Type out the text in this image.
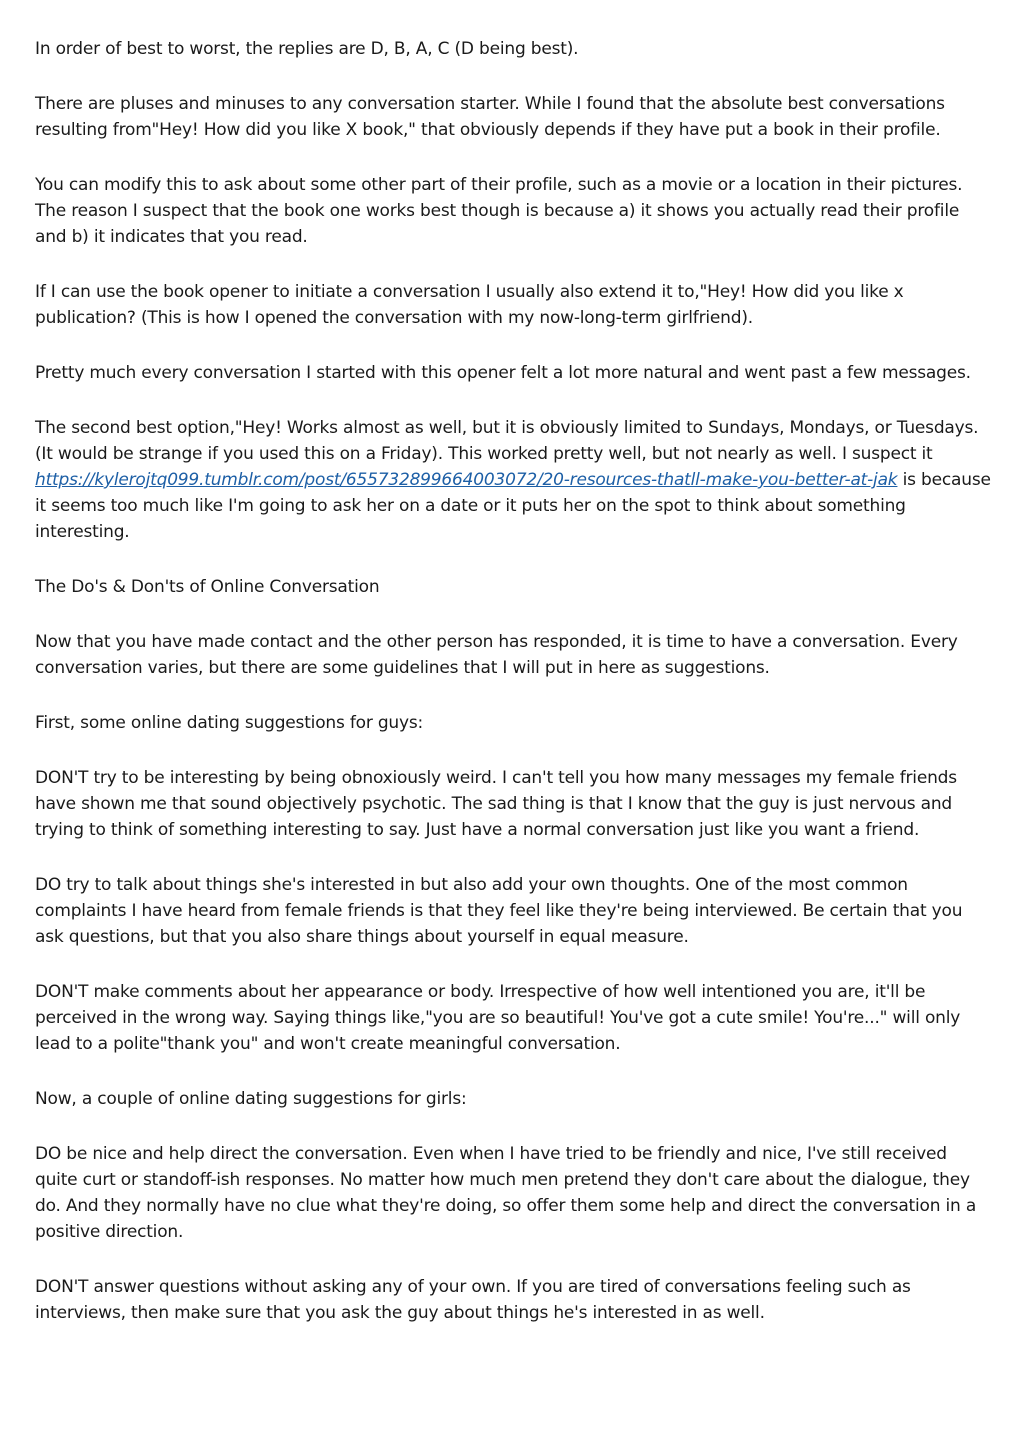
In order of best to worst, the replies are D, B, A, C (D being best).

There are pluses and minuses to any conversation starter. While I found that the absolute best conversations resulting from"Hey! How did you like X book," that obviously depends if they have put a book in their profile.

You can modify this to ask about some other part of their profile, such as a movie or a location in their pictures. The reason I suspect that the book one works best though is because a) it shows you actually read their profile and b) it indicates that you read.

If I can use the book opener to initiate a conversation I usually also extend it to,"Hey! How did you like x publication? (This is how I opened the conversation with my now-long-term girlfriend).

Pretty much every conversation I started with this opener felt a lot more natural and went past a few messages.

The second best option,"Hey! Works almost as well, but it is obviously limited to Sundays, Mondays, or Tuesdays. (It would be strange if you used this on a Friday). This worked pretty well, but not nearly as well. I suspect it https://kylerojtq099.tumblr.com/post/655732899664003072/20-resources-thatll-make-you-better-at-jak is because it seems too much like I'm going to ask her on a date or it puts her on the spot to think about something interesting.

The Do's & Don'ts of Online Conversation

Now that you have made contact and the other person has responded, it is time to have a conversation. Every conversation varies, but there are some guidelines that I will put in here as suggestions.

First, some online dating suggestions for guys:

DON'T try to be interesting by being obnoxiously weird. I can't tell you how many messages my female friends have shown me that sound objectively psychotic. The sad thing is that I know that the guy is just nervous and trying to think of something interesting to say. Just have a normal conversation just like you want a friend.

DO try to talk about things she's interested in but also add your own thoughts. One of the most common complaints I have heard from female friends is that they feel like they're being interviewed. Be certain that you ask questions, but that you also share things about yourself in equal measure.

DON'T make comments about her appearance or body. Irrespective of how well intentioned you are, it'll be perceived in the wrong way. Saying things like,"you are so beautiful! You've got a cute smile! You're..." will only lead to a polite"thank you" and won't create meaningful conversation.

Now, a couple of online dating suggestions for girls:

DO be nice and help direct the conversation. Even when I have tried to be friendly and nice, I've still received quite curt or standoff-ish responses. No matter how much men pretend they don't care about the dialogue, they do. And they normally have no clue what they're doing, so offer them some help and direct the conversation in a positive direction.

DON'T answer questions without asking any of your own. If you are tired of conversations feeling such as interviews, then make sure that you ask the guy about things he's interested in as well.
